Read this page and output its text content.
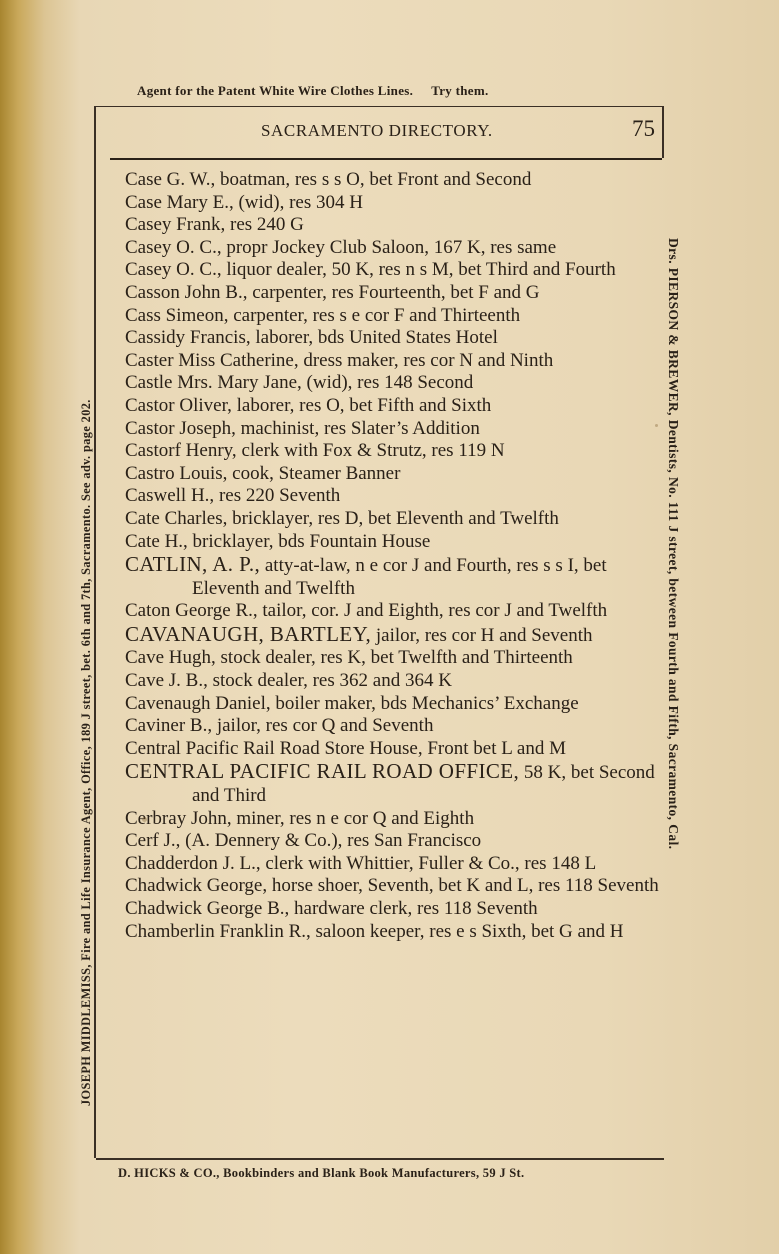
Agent for the Patent White Wire Clothes Lines. Try them.
SACRAMENTO DIRECTORY.	75
Case G. W., boatman, res s s O, bet Front and Second
Case Mary E., (wid), res 304 H
Casey Frank, res 240 G
Casey O. C., propr Jockey Club Saloon, 167 K, res same
Casey O. C., liquor dealer, 50 K, res n s M, bet Third and Fourth
Casson John B., carpenter, res Fourteenth, bet F and G
Cass Simeon, carpenter, res s e cor F and Thirteenth
Cassidy Francis, laborer, bds United States Hotel
Caster Miss Catherine, dress maker, res cor N and Ninth
Castle Mrs. Mary Jane, (wid), res 148 Second
Castor Oliver, laborer, res O, bet Fifth and Sixth
Castor Joseph, machinist, res Slater’s Addition
Castorf Henry, clerk with Fox & Strutz, res 119 N
Castro Louis, cook, Steamer Banner
Caswell H., res 220 Seventh
Cate Charles, bricklayer, res D, bet Eleventh and Twelfth
Cate H., bricklayer, bds Fountain House
CATLIN, A. P., atty-at-law, n e cor J and Fourth, res s s I, bet Eleventh and Twelfth
Caton George R., tailor, cor. J and Eighth, res cor J and Twelfth
CAVANAUGH, BARTLEY, jailor, res cor H and Seventh
Cave Hugh, stock dealer, res K, bet Twelfth and Thirteenth
Cave J. B., stock dealer, res 362 and 364 K
Cavenaugh Daniel, boiler maker, bds Mechanics’ Exchange
Caviner B., jailor, res cor Q and Seventh
Central Pacific Rail Road Store House, Front bet L and M
CENTRAL PACIFIC RAIL ROAD OFFICE, 58 K, bet Second and Third
Cerbray John, miner, res n e cor Q and Eighth
Cerf J., (A. Dennery & Co.), res San Francisco
Chadderdon J. L., clerk with Whittier, Fuller & Co., res 148 L
Chadwick George, horse shoer, Seventh, bet K and L, res 118 Seventh
Chadwick George B., hardware clerk, res 118 Seventh
Chamberlin Franklin R., saloon keeper, res e s Sixth, bet G and H
JOSEPH MIDDLEMISS, Fire and Life Insurance Agent, Office, 189 J street, bet. 6th and 7th, Sacramento. See adv. page 202.	Drs. PIERSON & BREWER, Dentists, No. 111 J street, between Fourth and Fifth, Sacramento, Cal.
D. HICKS & CO., Bookbinders and Blank Book Manufacturers, 59 J St.
